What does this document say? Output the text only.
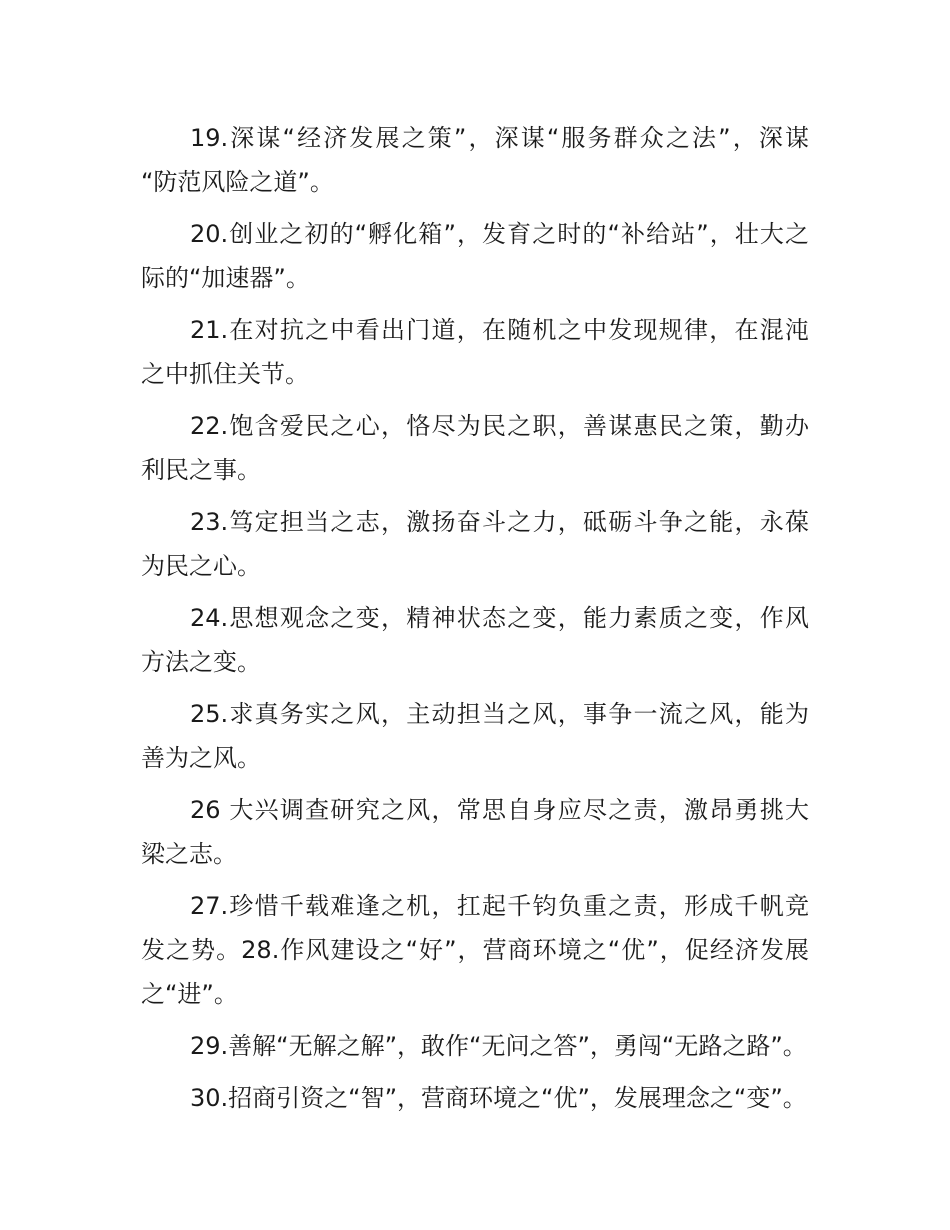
19.深谋“经济发展之策”，深谋“服务群众之法”，深谋
“防范风险之道”。
20.创业之初的“孵化箱”，发育之时的“补给站”，壮大之
际的“加速器”。
21.在对抗之中看出门道，在随机之中发现规律，在混沌
之中抓住关节。
22.饱含爱民之心，恪尽为民之职，善谋惠民之策，勤办
利民之事。
23.笃定担当之志，激扬奋斗之力，砥砺斗争之能，永葆
为民之心。
24.思想观念之变，精神状态之变，能力素质之变，作风
方法之变。
25.求真务实之风，主动担当之风，事争一流之风，能为
善为之风。
26 大兴调查研究之风，常思自身应尽之责，激昂勇挑大
梁之志。
27.珍惜千载难逢之机，扛起千钧负重之责，形成千帆竞
发之势。28.作风建设之“好”，营商环境之“优”，促经济发展
之“进”。
29.善解“无解之解”，敢作“无问之答”，勇闯“无路之路”。
30.招商引资之“智”，营商环境之“优”，发展理念之“变”。
